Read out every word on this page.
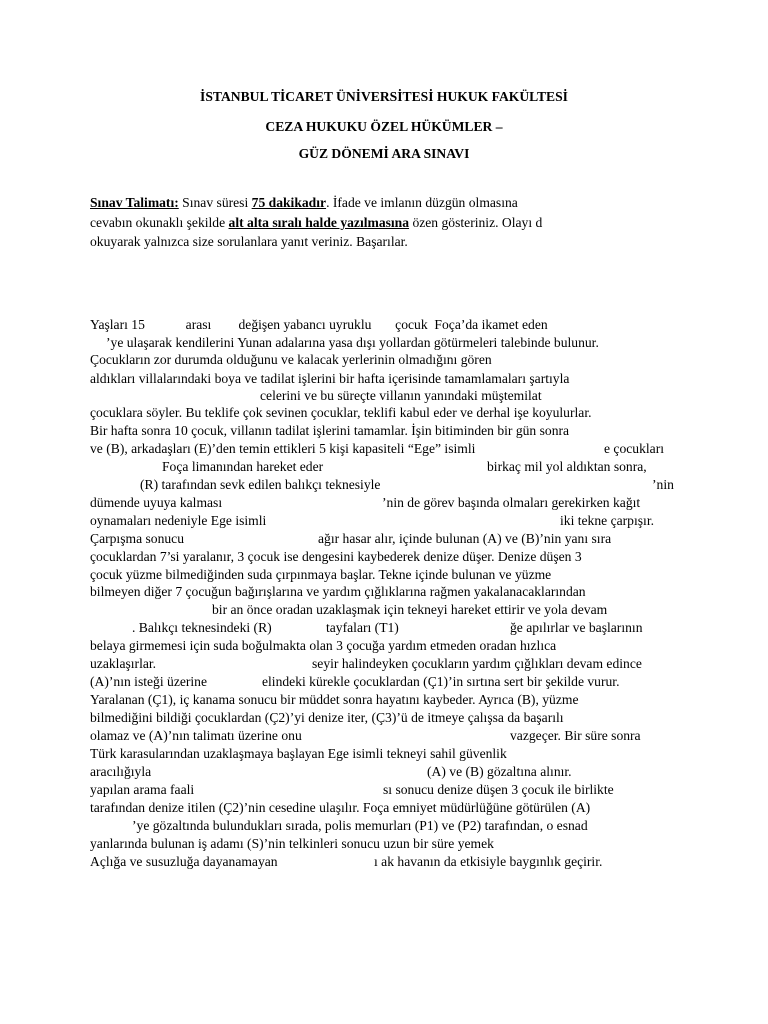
İSTANBUL TİCARET ÜNİVERSİTESİ HUKUK FAKÜLTESİ

CEZA HUKUKU ÖZEL HÜKÜMLER –

GÜZ DÖNEMİ ARA SINAVI

Sınav Talimatı: Sınav süresi 75 dakikadır. İfade ve imlanın düzgün olmasına
cevabın okunaklı şekilde alt alta sıralı halde yazılmasına özen gösteriniz. Olayı d
okuyarak yalnızca size sorulanlara yanıt veriniz. Başarılar.
Yaşları 15            arası        değişen yabancı uyruklu       çocuk  Foça’da ikamet eden
’ye ulaşarak kendilerini Yunan adalarına yasa dışı yollardan götürmeleri talebinde bulunur.
Çocukların zor durumda olduğunu ve kalacak yerlerinin olmadığını gören
aldıkları villalarındaki boya ve tadilat işlerini bir hafta içerisinde tamamlamaları şartıyla
celerini ve bu süreçte villanın yanındaki müştemilat
çocuklara söyler. Bu teklife çok sevinen çocuklar, teklifi kabul eder ve derhal işe koyulurlar.
Bir hafta sonra 10 çocuk, villanın tadilat işlerini tamamlar. İşin bitiminden bir gün sonra
ve (B), arkadaşları (E)’den temin ettikleri 5 kişi kapasiteli “Ege” isimli	e çocukları
Foça limanından hareket eder	birkaç mil yol aldıktan sonra,
(R) tarafından sevk edilen balıkçı teknesiyle	’nin
dümende uyuya kalması	’nin de görev başında olmaları gerekirken kağıt
oynamaları nedeniyle Ege isimli	iki tekne çarpışır.
Çarpışma sonucu	ağır hasar alır, içinde bulunan (A) ve (B)’nin yanı sıra
çocuklardan 7’si yaralanır, 3 çocuk ise dengesini kaybederek denize düşer. Denize düşen 3
çocuk yüzme bilmediğinden suda çırpınmaya başlar. Tekne içinde bulunan ve yüzme
bilmeyen diğer 7 çocuğun bağırışlarına ve yardım çığlıklarına rağmen yakalanacaklarından
bir an önce oradan uzaklaşmak için tekneyi hareket ettirir ve yola devam
. Balıkçı teknesindeki (R)	tayfaları (T1)	ğe apılırlar ve başlarının
belaya girmemesi için suda boğulmakta olan 3 çocuğa yardım etmeden oradan hızlıca
uzaklaşırlar.	seyir halindeyken çocukların yardım çığlıkları devam edince
(A)’nın isteği üzerine	elindeki kürekle çocuklardan (Ç1)’in sırtına sert bir şekilde vurur.
Yaralanan (Ç1), iç kanama sonucu bir müddet sonra hayatını kaybeder. Ayrıca (B), yüzme
bilmediğini bildiği çocuklardan (Ç2)’yi denize iter, (Ç3)’ü de itmeye çalışsa da başarılı
olamaz ve (A)’nın talimatı üzerine onu	vazgeçer. Bir süre sonra
Türk karasularından uzaklaşmaya başlayan Ege isimli tekneyi sahil güvenlik
aracılığıyla	(A) ve (B) gözaltına alınır.
yapılan arama faali	sı sonucu denize düşen 3 çocuk ile birlikte
tarafından denize itilen (Ç2)’nin cesedine ulaşılır. Foça emniyet müdürlüğüne götürülen (A)
’ye gözaltında bulundukları sırada, polis memurları (P1) ve (P2) tarafından, o esnad
yanlarında bulunan iş adamı (S)’nin telkinleri sonucu uzun bir süre yemek
Açlığa ve susuzluğa dayanamayan	ı ak havanın da etkisiyle baygınlık geçirir.
